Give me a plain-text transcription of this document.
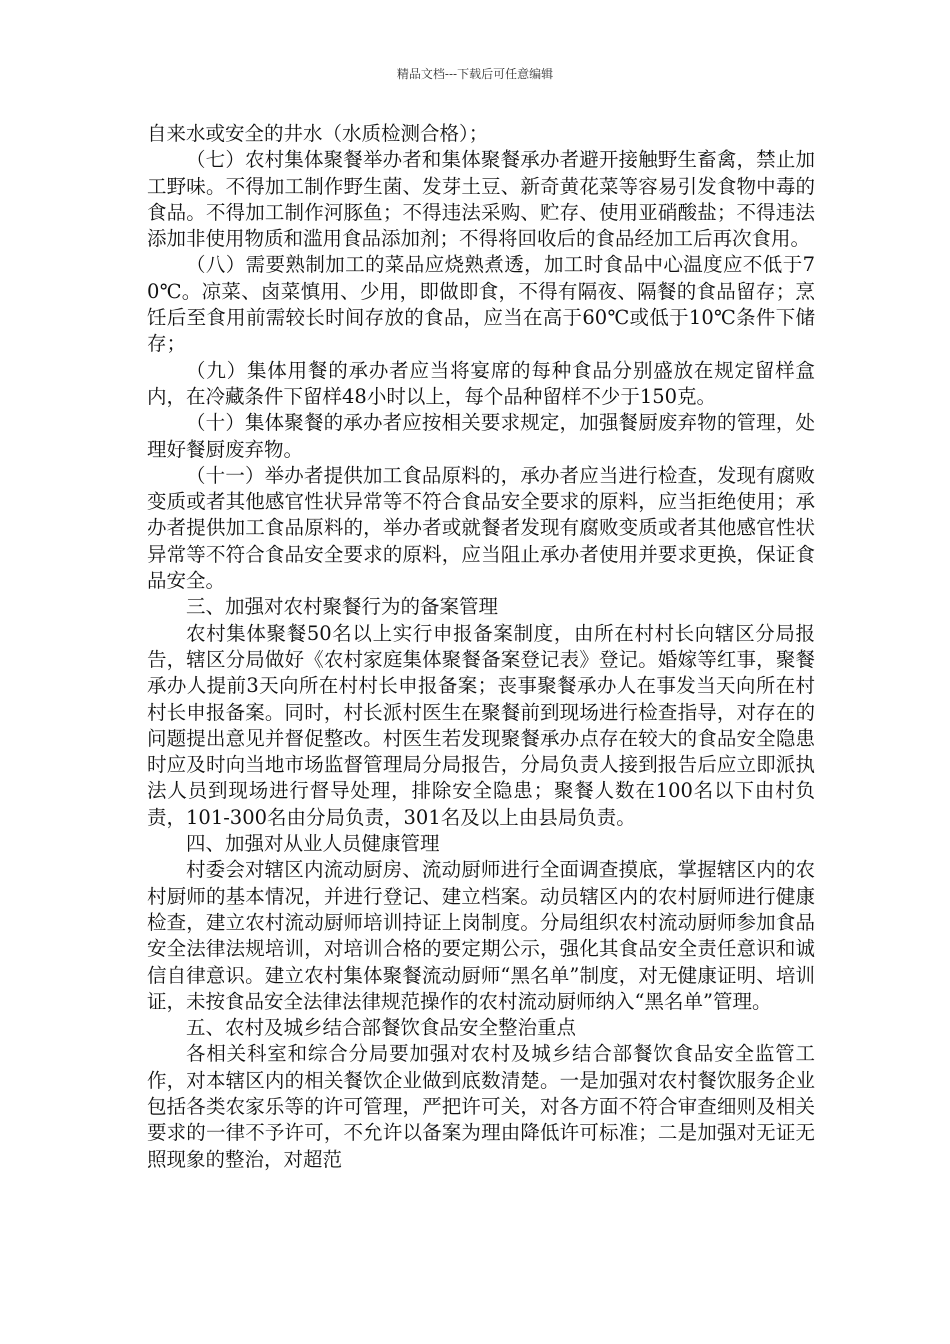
精品文档---下载后可任意编辑

自来水或安全的井水（水质检测合格）；

（七）农村集体聚餐举办者和集体聚餐承办者避开接触野生畜禽，禁止加工野味。不得加工制作野生菌、发芽土豆、新奇黄花菜等容易引发食物中毒的食品。不得加工制作河豚鱼；不得违法采购、贮存、使用亚硝酸盐；不得违法添加非使用物质和滥用食品添加剂；不得将回收后的食品经加工后再次食用。

（八）需要熟制加工的菜品应烧熟煮透，加工时食品中心温度应不低于70℃。凉菜、卤菜慎用、少用，即做即食，不得有隔夜、隔餐的食品留存；烹饪后至食用前需较长时间存放的食品，应当在高于60℃或低于10℃条件下储存；

（九）集体用餐的承办者应当将宴席的每种食品分别盛放在规定留样盒内，在冷藏条件下留样48小时以上，每个品种留样不少于150克。

（十）集体聚餐的承办者应按相关要求规定，加强餐厨废弃物的管理，处理好餐厨废弃物。

（十一）举办者提供加工食品原料的，承办者应当进行检查，发现有腐败变质或者其他感官性状异常等不符合食品安全要求的原料，应当拒绝使用；承办者提供加工食品原料的，举办者或就餐者发现有腐败变质或者其他感官性状异常等不符合食品安全要求的原料，应当阻止承办者使用并要求更换，保证食品安全。

三、加强对农村聚餐行为的备案管理

农村集体聚餐50名以上实行申报备案制度，由所在村村长向辖区分局报告，辖区分局做好《农村家庭集体聚餐备案登记表》登记。婚嫁等红事，聚餐承办人提前3天向所在村村长申报备案；丧事聚餐承办人在事发当天向所在村村长申报备案。同时，村长派村医生在聚餐前到现场进行检查指导，对存在的问题提出意见并督促整改。村医生若发现聚餐承办点存在较大的食品安全隐患时应及时向当地市场监督管理局分局报告，分局负责人接到报告后应立即派执法人员到现场进行督导处理，排除安全隐患；聚餐人数在100名以下由村负责，101-300名由分局负责，301名及以上由县局负责。

四、加强对从业人员健康管理

村委会对辖区内流动厨房、流动厨师进行全面调查摸底，掌握辖区内的农村厨师的基本情况，并进行登记、建立档案。动员辖区内的农村厨师进行健康检查，建立农村流动厨师培训持证上岗制度。分局组织农村流动厨师参加食品安全法律法规培训，对培训合格的要定期公示，强化其食品安全责任意识和诚信自律意识。建立农村集体聚餐流动厨师“黑名单”制度，对无健康证明、培训证，未按食品安全法律法律规范操作的农村流动厨师纳入“黑名单”管理。

五、农村及城乡结合部餐饮食品安全整治重点

各相关科室和综合分局要加强对农村及城乡结合部餐饮食品安全监管工作，对本辖区内的相关餐饮企业做到底数清楚。一是加强对农村餐饮服务企业包括各类农家乐等的许可管理，严把许可关，对各方面不符合审查细则及相关要求的一律不予许可，不允许以备案为理由降低许可标准；二是加强对无证无照现象的整治，对超范
